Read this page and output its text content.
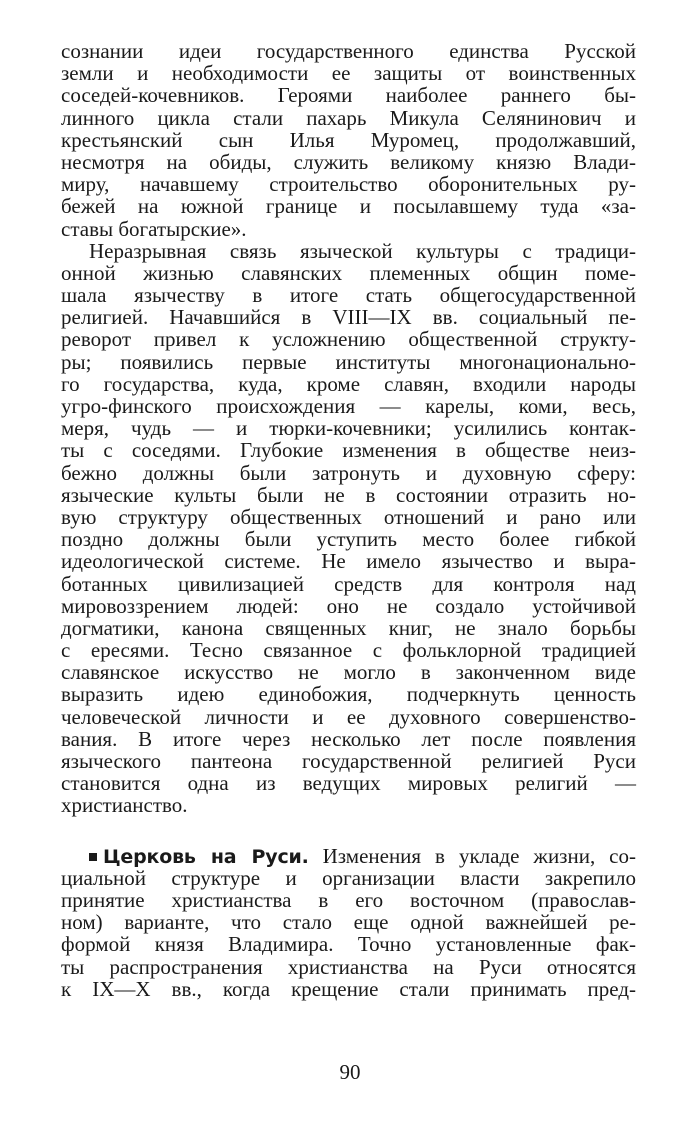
сознании идеи государственного единства Русской
земли и необходимости ее защиты от воинственных
соседей-кочевников. Героями наиболее раннего бы-
линного цикла стали пахарь Микула Селянинович и
крестьянский сын Илья Муромец, продолжавший,
несмотря на обиды, служить великому князю Влади-
миру, начавшему строительство оборонительных ру-
бежей на южной границе и посылавшему туда «за-
ставы богатырские».
Неразрывная связь языческой культуры с традици-
онной жизнью славянских племенных общин поме-
шала язычеству в итоге стать общегосударственной
религией. Начавшийся в VIII—IX вв. социальный пе-
реворот привел к усложнению общественной структу-
ры; появились первые институты многонационально-
го государства, куда, кроме славян, входили народы
угро-финского происхождения — карелы, коми, весь,
меря, чудь — и тюрки-кочевники; усилились контак-
ты с соседями. Глубокие изменения в обществе неиз-
бежно должны были затронуть и духовную сферу:
языческие культы были не в состоянии отразить но-
вую структуру общественных отношений и рано или
поздно должны были уступить место более гибкой
идеологической системе. Не имело язычество и выра-
ботанных цивилизацией средств для контроля над
мировоззрением людей: оно не создало устойчивой
догматики, канона священных книг, не знало борьбы
с ересями. Тесно связанное с фольклорной традицией
славянское искусство не могло в законченном виде
выразить идею единобожия, подчеркнуть ценность
человеческой личности и ее духовного совершенство-
вания. В итоге через несколько лет после появления
языческого пантеона государственной религией Руси
становится одна из ведущих мировых религий —
христианство.
Церковь на Руси. Изменения в укладе жизни, со-
циальной структуре и организации власти закрепило
принятие христианства в его восточном (православ-
ном) варианте, что стало еще одной важнейшей ре-
формой князя Владимира. Точно установленные фак-
ты распространения христианства на Руси относятся
к IX—X вв., когда крещение стали принимать пред-
90
